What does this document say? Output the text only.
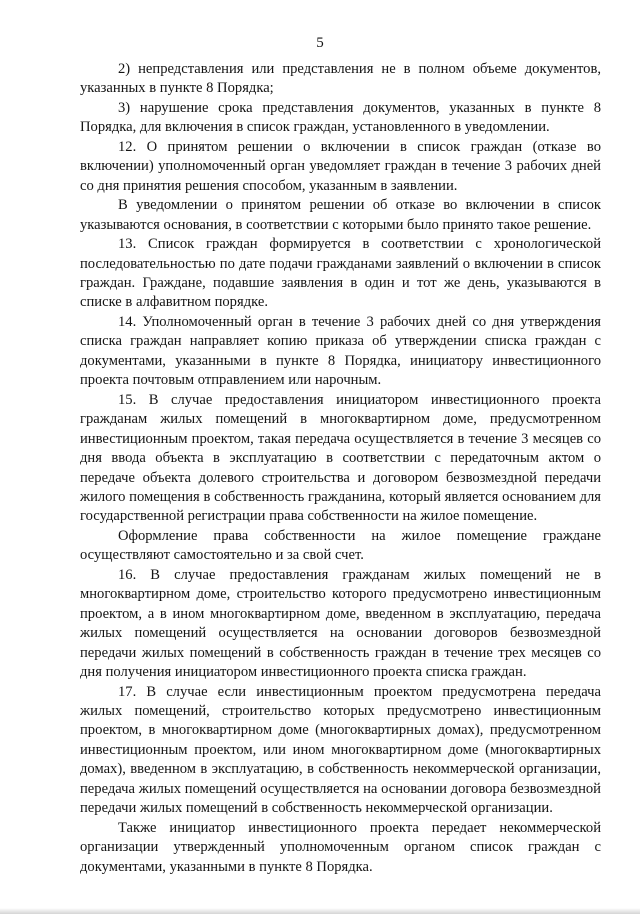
5

2) непредставления или представления не в полном объеме документов, указанных в пункте 8 Порядка;

3) нарушение срока представления документов, указанных в пункте 8 Порядка, для включения в список граждан, установленного в уведомлении.

12. О принятом решении о включении в список граждан (отказе во включении) уполномоченный орган уведомляет граждан в течение 3 рабочих дней со дня принятия решения способом, указанным в заявлении.

В уведомлении о принятом решении об отказе во включении в список указываются основания, в соответствии с которыми было принято такое решение.

13. Список граждан формируется в соответствии с хронологической последовательностью по дате подачи гражданами заявлений о включении в список граждан. Граждане, подавшие заявления в один и тот же день, указываются в списке в алфавитном порядке.

14. Уполномоченный орган в течение 3 рабочих дней со дня утверждения списка граждан направляет копию приказа об утверждении списка граждан с документами, указанными в пункте 8 Порядка, инициатору инвестиционного проекта почтовым отправлением или нарочным.

15. В случае предоставления инициатором инвестиционного проекта гражданам жилых помещений в многоквартирном доме, предусмотренном инвестиционным проектом, такая передача осуществляется в течение 3 месяцев со дня ввода объекта в эксплуатацию в соответствии с передаточным актом о передаче объекта долевого строительства и договором безвозмездной передачи жилого помещения в собственность гражданина, который является основанием для государственной регистрации права собственности на жилое помещение.

Оформление права собственности на жилое помещение граждане осуществляют самостоятельно и за свой счет.

16. В случае предоставления гражданам жилых помещений не в многоквартирном доме, строительство которого предусмотрено инвестиционным проектом, а в ином многоквартирном доме, введенном в эксплуатацию, передача жилых помещений осуществляется на основании договоров безвозмездной передачи жилых помещений в собственность граждан в течение трех месяцев со дня получения инициатором инвестиционного проекта списка граждан.

17. В случае если инвестиционным проектом предусмотрена передача жилых помещений, строительство которых предусмотрено инвестиционным проектом, в многоквартирном доме (многоквартирных домах), предусмотренном инвестиционным проектом, или ином многоквартирном доме (многоквартирных домах), введенном в эксплуатацию, в собственность некоммерческой организации, передача жилых помещений осуществляется на основании договора безвозмездной передачи жилых помещений в собственность некоммерческой организации.

Также инициатор инвестиционного проекта передает некоммерческой организации утвержденный уполномоченным органом список граждан с документами, указанными в пункте 8 Порядка.
